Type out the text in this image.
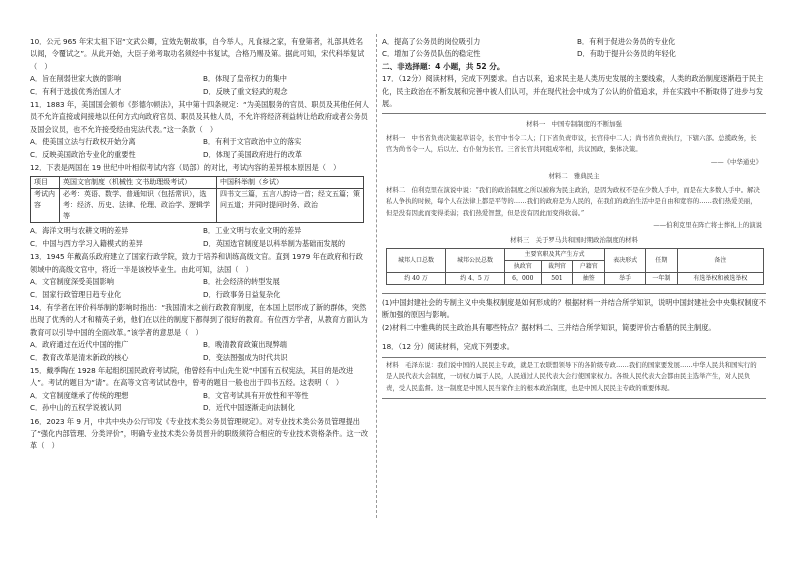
10．公元 965 年宋太祖下诏“文武公卿，宜效先朝故事，自今举人，凡食禄之家，有登第者，礼部具姓名以闻，令覆试之”。从此开始，大臣子弟考取功名须经中书复试，合格乃赐及第。据此可知，宋代科举复试（　）

A．旨在削弱世家大族的影响	B．体现了皇帝权力的集中
C．有利于选拔优秀治国人才	D．反映了重文轻武的观念

11．1883 年，美国国会颁布《彭德尔顿法》，其中第十四条规定：“为美国服务的官员、职员及其他任何人员不允许直接或间接地以任何方式向政府官员、职员及其他人员，不允许将经济利益转让给政府或者公务员及国会议员，也不允许接受经由宪法代表。”这一条款（　）

A．使美国立法与行政权开始分离	B．有利于文官政治中立的落实
C．反映美国政治专业化的重要性	D．体现了美国政府进行的改革

12．下表是两国在 19 世纪中叶相似考试内容（局部）的对比，考试内容的差异根本原因是（　）

项目	英国文官制度（机械性 文书助理级考试）	中国科举制（乡试）
考试内容	必考：英语、数学、普通知识（包括常识），选考：经济、历史、法律、伦理、政治学、逻辑学等	四书文三篇，五言八韵诗一首；经文五篇；策问五道；并同时提问时务、政治
A．海洋文明与农耕文明的差异	B．工业文明与农业文明的差异
C．中国与西方学习入籍模式的差异	D．英国选官制度是以科举制为基础而发展的

13．1945 年戴高乐政府建立了国家行政学院，致力于培养和训练高级文官。直到 1979 年在政府和行政领域中的高级文官中，将近一半是该校毕业生。由此可知，法国（　）

A．文官制度深受美国影响	B．社会经济的转型发展
C．国家行政管理日趋专业化	D．行政事务日益复杂化

14．有学者在评价科举制的影响时指出：“我国清末之前行政教育制度，在本国上层形成了新的群体，突然出现了优秀的人才和精英子弟，他们在以往的制度下都得到了很好的教育。有位西方学者，从教育方面认为教育可以引导中国的全面改革。”该学者的意思是（　）

A．政府通过在近代中国的推广	B．晚清教育政策出现弊端
C．教育改革是清末新政的核心	D．变法图强成为时代共识

15．戴季陶在 1928 年起组织国民政府考试院，他曾经有中山先生说“中国有五权宪法，其目的是改进人”。考试的题目为“请”。在高等文官考试试卷中，曾考的题目一般也出于四书五经。这表明（　）

A．文官制度继承了传统的理想	B．文官考试具有开放性和平等性
C．孙中山的五权学说被认同	D．近代中国逐渐走向法制化

16．2023 年 9 月，中共中央办公厅印发《专业技术类公务员管理规定》。对专业技术类公务员管理提出了“强化内部管理、分类评价”，明确专业技术类公务员晋升的职级须符合相应的专业技术资格条件。这一改革（　）

A．提高了公务员的岗位吸引力	B．有利于促进公务员的专业化
C．增加了公务员队伍的稳定性	D．有助于提升公务员的年轻化

二、非选择题：4 小题，共 52 分。

17．（12分）阅读材料，完成下列要求。自古以来，追求民主是人类历史发展的主要线索，人类的政治制度逐渐趋于民主化，民主政治在不断发展和完善中被人们认可，并在现代社会中成为了公认的价值追求，并在实践中不断取得了进步与发展。

材料一　中国专制制度的不断加强

材料一　中书省负责决策起草诏令，长官中书令二人；门下省负责审议，长官侍中二人；尚书省负责执行，下辖六部。总揽政务，长官为尚书令一人，后以左、右仆射为长官。三省长官共同组成宰相，共议国政，集体决策。

——《中华通史》

材料二　雅典民主

材料二　伯利克里在演说中说：“我们的政治制度之所以被称为民主政治，是因为政权不是在少数人手中，而是在大多数人手中。解决私人争执的时候，每个人在法律上都是平等的……我们的政府是为人民的，在我们的政治生活中是自由和宽容的……我们热爱美丽，但是没有因此而变得柔弱；我们热爱智慧，但是没有因此而变得软弱。”

——伯利克里在阵亡将士葬礼上的演说

材料三　关于罗马共和国时期政治制度的材料

城邦人口总数	城邦公民总数	主要官职及其产生方式			表决形式	任期	备注
		执政官	裁判官	户籍官			
约 40 万	约 4、5 万	6，000	501	抽签	举手	一年制	有选举权和被选举权

(1)中国封建社会的专制主义中央集权制度是如何形成的？根据材料一并结合所学知识，说明中国封建社会中央集权制度不断加强的原因与影响。

(2)材料二中雅典的民主政治具有哪些特点？据材料二、三并结合所学知识，简要评价古希腊的民主制度。

18．（12 分）阅读材料，完成下列要求。

材料　毛泽东说：我们说中国的人民民主专政，就是工农联盟领导下的各阶级专政……我们的国家要发展……中华人民共和国实行的是人民代表大会制度，一切权力属于人民，人民通过人民代表大会行使国家权力。各级人民代表大会都由民主选举产生，对人民负责，受人民监督。这一制度是中国人民当家作主的根本政治制度，也是中国人民民主专政的重要体现。
